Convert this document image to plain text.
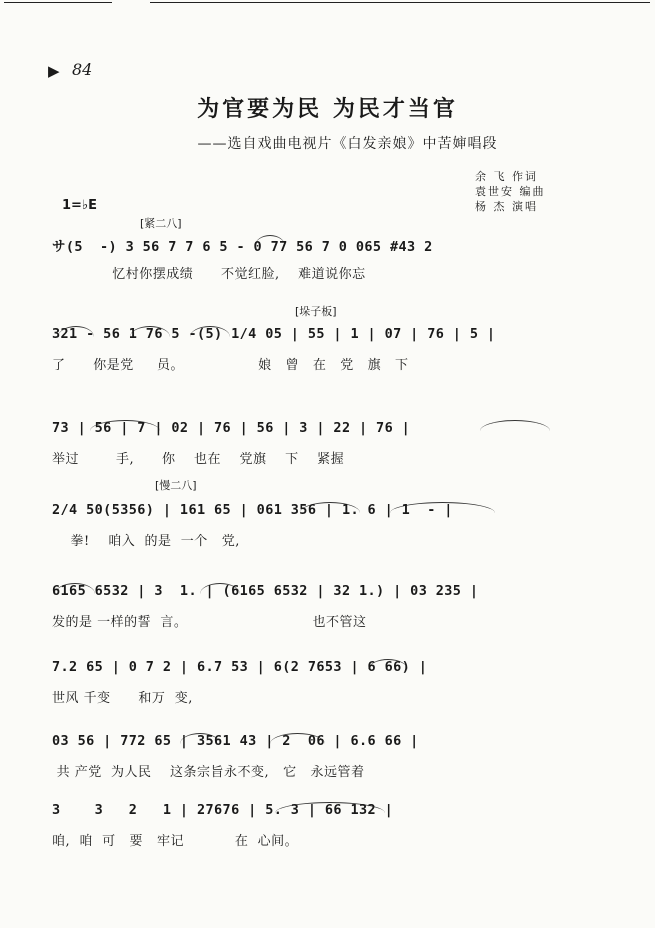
▶ 84
为官要为民 为民才当官
——选自戏曲电视片《白发亲娘》中苦婶唱段
余 飞 作词
袁世安 编曲
杨 杰 演唱
1=♭E
[紧二八]
[垛子板]
[慢二八]
サ(5  -) 3 56 7 7 6 5 - 0 77 56 7 0 065 #43 2
忆村你摆成绩      不觉红脸,    难道说你忘
321 - 56 1 76 5 -(5) 1/4 05 | 55 | 1 | 07 | 76 | 5 |
了      你是党     员。                娘   曾   在   党   旗   下
73 | 56 | 7 | 02 | 76 | 56 | 3 | 22 | 76 |
举过        手,      你    也在    党旗    下    紧握
2/4 50(5356) | 161 65 | 061 356 | 1. 6 | 1  - |
拳!    咱入  的是  一个   党,
6165 6532 | 3  1. | (6165 6532 | 32 1.) | 03 235 |
发的是 一样的誓  言。                           也不管这
7.2 65 | 0 7 2 | 6.7 53 | 6(2 7653 | 6 66) |
世风 千变      和万  变,
03 56 | 772 65 | 3561 43 | 2  06 | 6.6 66 |
共 产党  为人民    这条宗旨永不变,   它   永远管着
3    3   2   1 | 27676 | 5. 3 | 66 132 |
咱,  咱  可   要   牢记           在  心间。
